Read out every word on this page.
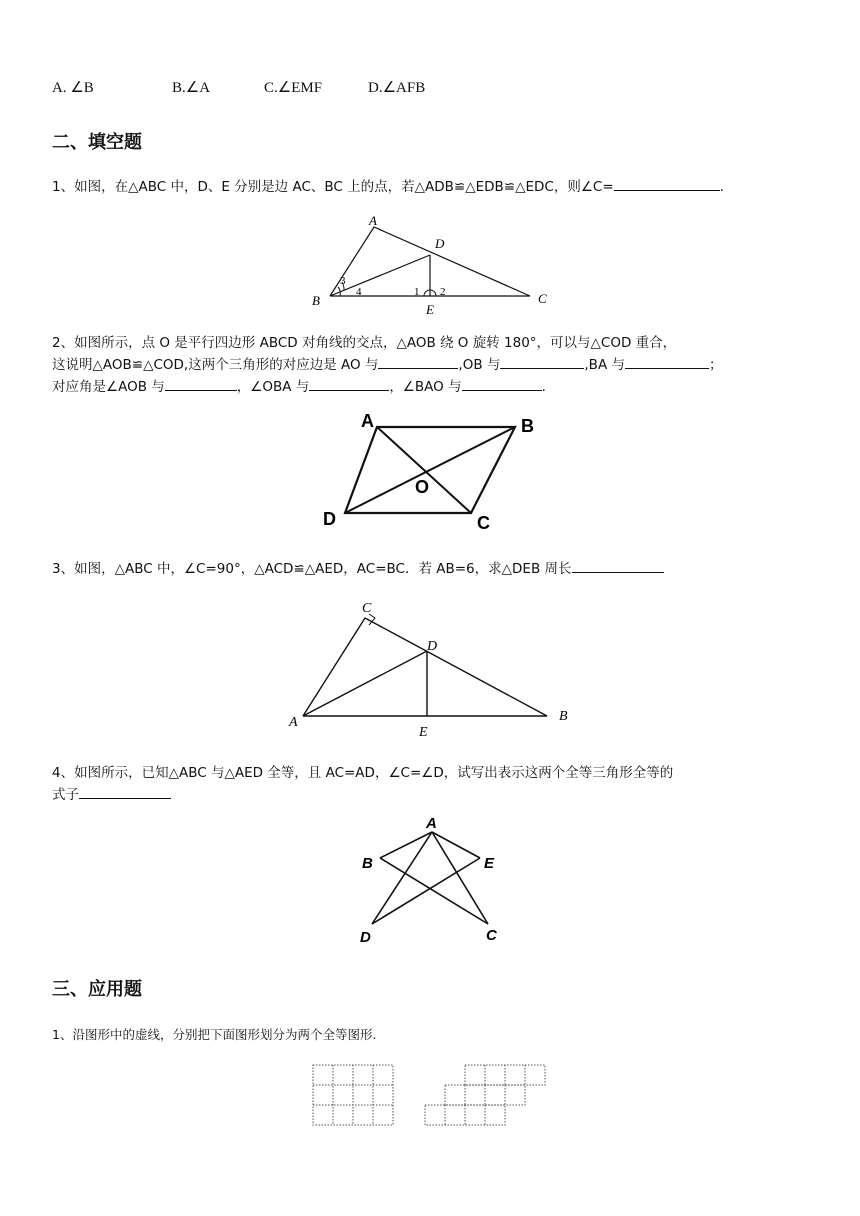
A. ∠B	B.∠A	C.∠EMF	D.∠AFB
二、填空题
1、如图，在△ABC 中，D、E 分别是边 AC、BC 上的点，若△ADB≌△EDB≌△EDC，则∠C=	.
A
D
B	C
E
1 2
3
4
2、如图所示，点 O 是平行四边形 ABCD 对角线的交点，△AOB 绕 O 旋转 180°，可以与△COD 重合，
这说明△AOB≌△COD,这两个三角形的对应边是 AO 与	,OB 与	,BA 与	；
对应角是∠AOB 与	，∠OBA 与	，∠BAO 与	.
A	B
C
D
O
3、如图，△ABC 中，∠C=90°，△ACD≌△AED，AC=BC．若 AB=6，求△DEB 周长
C
D
A	B
E
4、如图所示，已知△ABC 与△AED 全等，且 AC=AD，∠C=∠D，试写出表示这两个全等三角形全等的
式子
A
B	E
D	C
三、应用题
1、沿图形中的虚线，分别把下面图形划分为两个全等图形.
